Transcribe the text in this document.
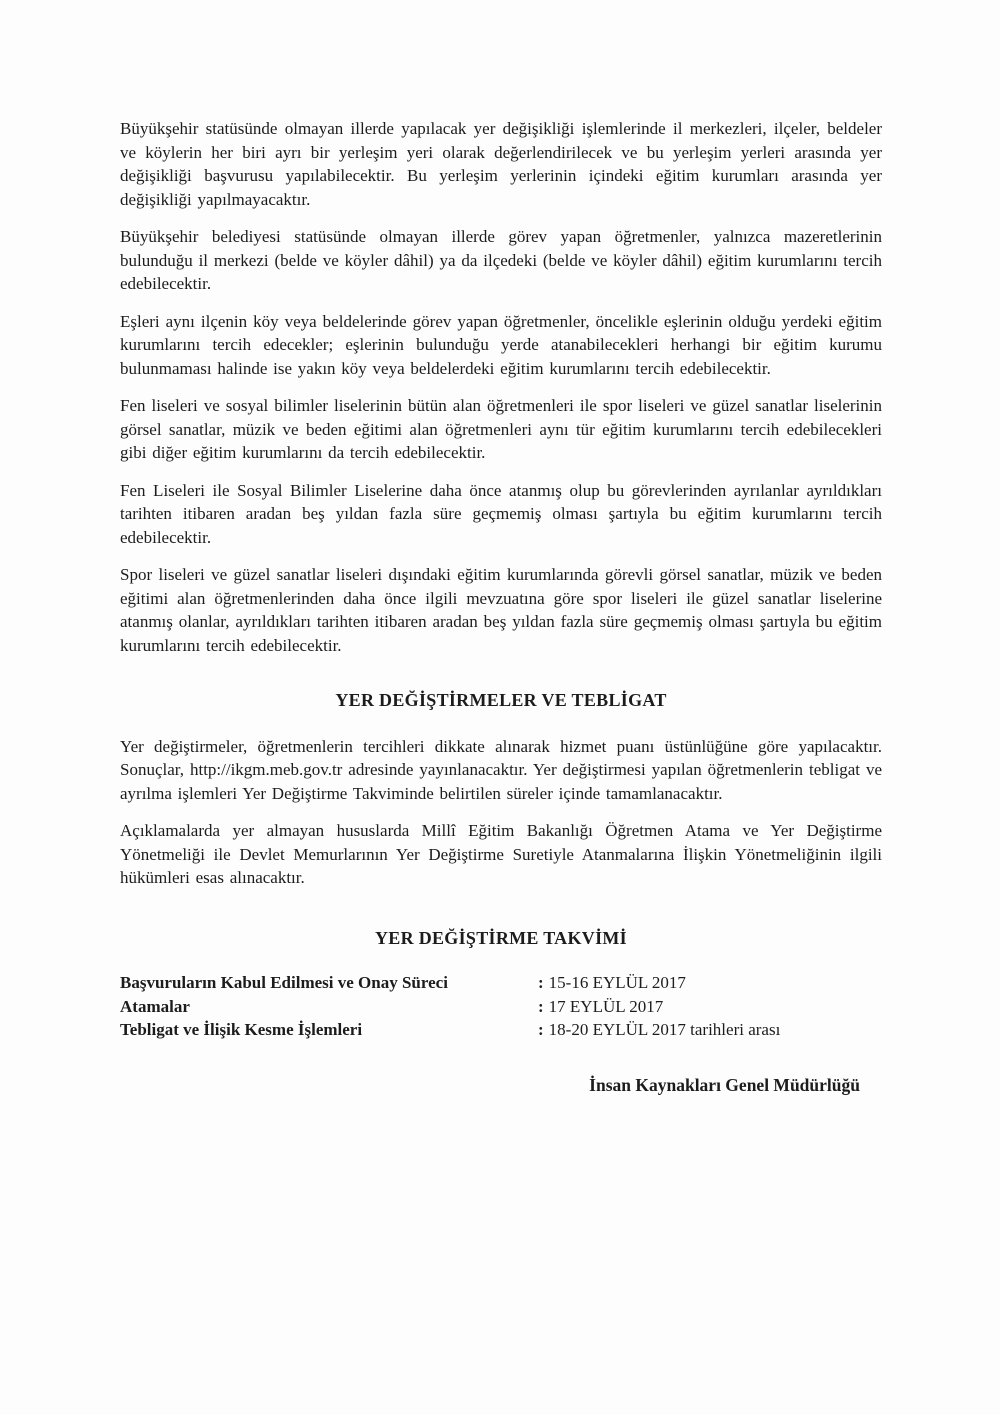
Büyükşehir statüsünde olmayan illerde yapılacak yer değişikliği işlemlerinde il merkezleri, ilçeler, beldeler ve köylerin her biri ayrı bir yerleşim yeri olarak değerlendirilecek ve bu yerleşim yerleri arasında yer değişikliği başvurusu yapılabilecektir. Bu yerleşim yerlerinin içindeki eğitim kurumları arasında yer değişikliği yapılmayacaktır.

Büyükşehir belediyesi statüsünde olmayan illerde görev yapan öğretmenler, yalnızca mazeretlerinin bulunduğu il merkezi (belde ve köyler dâhil) ya da ilçedeki (belde ve köyler dâhil) eğitim kurumlarını tercih edebilecektir.

Eşleri aynı ilçenin köy veya beldelerinde görev yapan öğretmenler, öncelikle eşlerinin olduğu yerdeki eğitim kurumlarını tercih edecekler; eşlerinin bulunduğu yerde atanabilecekleri herhangi bir eğitim kurumu bulunmaması halinde ise yakın köy veya beldelerdeki eğitim kurumlarını tercih edebilecektir.

Fen liseleri ve sosyal bilimler liselerinin bütün alan öğretmenleri ile spor liseleri ve güzel sanatlar liselerinin görsel sanatlar, müzik ve beden eğitimi alan öğretmenleri aynı tür eğitim kurumlarını tercih edebilecekleri gibi diğer eğitim kurumlarını da tercih edebilecektir.

Fen Liseleri ile Sosyal Bilimler Liselerine daha önce atanmış olup bu görevlerinden ayrılanlar ayrıldıkları tarihten itibaren aradan beş yıldan fazla süre geçmemiş olması şartıyla bu eğitim kurumlarını tercih edebilecektir.

Spor liseleri ve güzel sanatlar liseleri dışındaki eğitim kurumlarında görevli görsel sanatlar, müzik ve beden eğitimi alan öğretmenlerinden daha önce ilgili mevzuatına göre spor liseleri ile güzel sanatlar liselerine atanmış olanlar, ayrıldıkları tarihten itibaren aradan beş yıldan fazla süre geçmemiş olması şartıyla bu eğitim kurumlarını tercih edebilecektir.

YER DEĞİŞTİRMELER VE TEBLİGAT

Yer değiştirmeler, öğretmenlerin tercihleri dikkate alınarak hizmet puanı üstünlüğüne göre yapılacaktır. Sonuçlar, http://ikgm.meb.gov.tr adresinde yayınlanacaktır. Yer değiştirmesi yapılan öğretmenlerin tebligat ve ayrılma işlemleri Yer Değiştirme Takviminde belirtilen süreler içinde tamamlanacaktır.

Açıklamalarda yer almayan hususlarda Millî Eğitim Bakanlığı Öğretmen Atama ve Yer Değiştirme Yönetmeliği ile Devlet Memurlarının Yer Değiştirme Suretiyle Atanmalarına İlişkin Yönetmeliğinin ilgili hükümleri esas alınacaktır.

YER DEĞİŞTİRME TAKVİMİ
Başvuruların Kabul Edilmesi ve Onay Süreci	: 15-16 EYLÜL 2017
Atamalar	: 17 EYLÜL 2017
Tebligat ve İlişik Kesme İşlemleri	: 18-20 EYLÜL 2017 tarihleri arası
İnsan Kaynakları Genel Müdürlüğü
